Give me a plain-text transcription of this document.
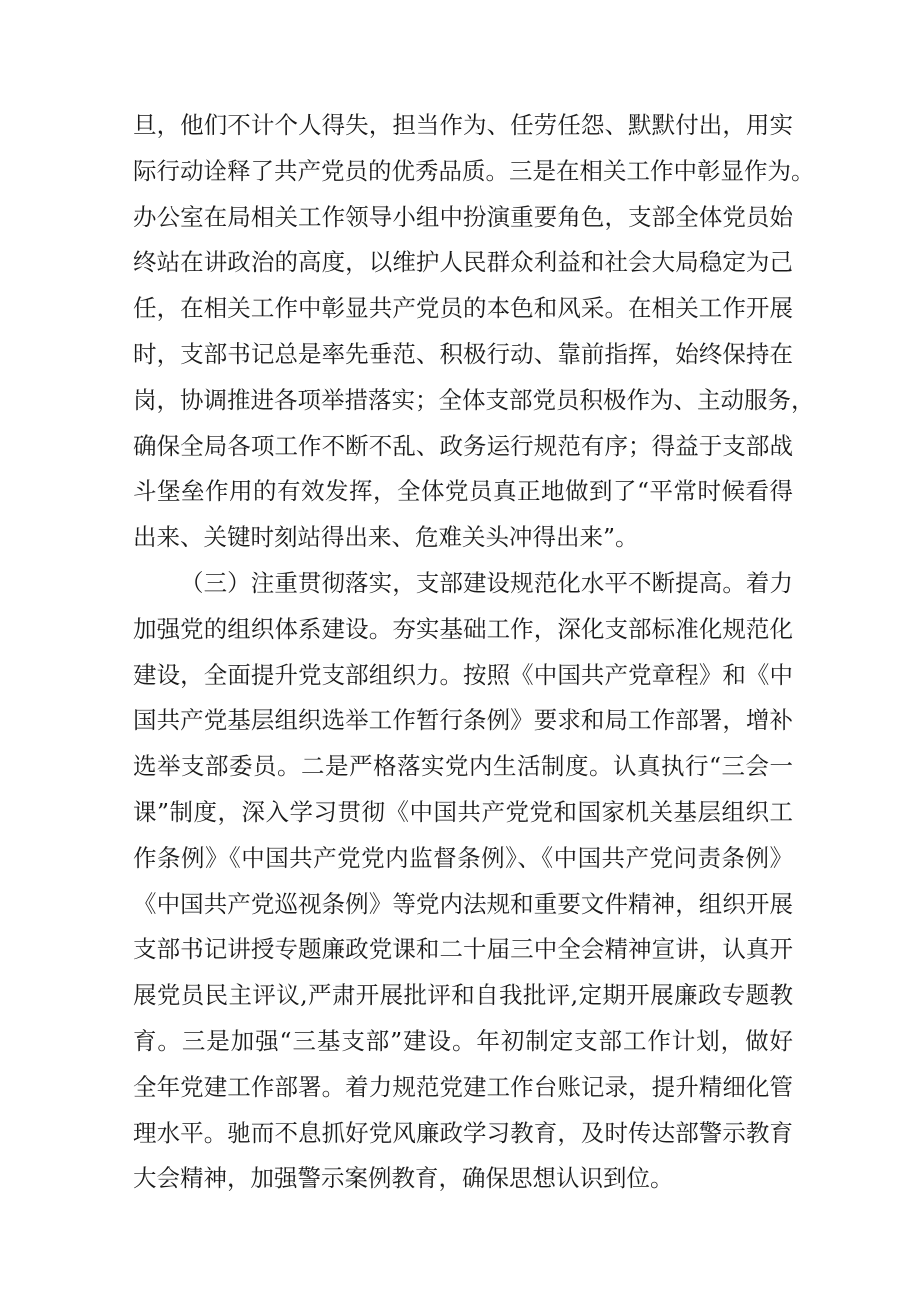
旦，他们不计个人得失，担当作为、任劳任怨、默默付出，用实
际行动诠释了共产党员的优秀品质。三是在相关工作中彰显作为。
办公室在局相关工作领导小组中扮演重要角色，支部全体党员始
终站在讲政治的高度，以维护人民群众利益和社会大局稳定为己
任，在相关工作中彰显共产党员的本色和风采。在相关工作开展
时，支部书记总是率先垂范、积极行动、靠前指挥，始终保持在
岗，协调推进各项举措落实；全体支部党员积极作为、主动服务，
确保全局各项工作不断不乱、政务运行规范有序；得益于支部战
斗堡垒作用的有效发挥，全体党员真正地做到了“平常时候看得
出来、关键时刻站得出来、危难关头冲得出来”。
（三）注重贯彻落实，支部建设规范化水平不断提高。着力
加强党的组织体系建设。夯实基础工作，深化支部标准化规范化
建设，全面提升党支部组织力。按照《中国共产党章程》和《中
国共产党基层组织选举工作暂行条例》要求和局工作部署，增补
选举支部委员。二是严格落实党内生活制度。认真执行“三会一
课”制度，深入学习贯彻《中国共产党党和国家机关基层组织工
作条例》《中国共产党党内监督条例》、《中国共产党问责条例》
《中国共产党巡视条例》等党内法规和重要文件精神，组织开展
支部书记讲授专题廉政党课和二十届三中全会精神宣讲，认真开
展党员民主评议,严肃开展批评和自我批评,定期开展廉政专题教
育。三是加强“三基支部”建设。年初制定支部工作计划，做好
全年党建工作部署。着力规范党建工作台账记录，提升精细化管
理水平。驰而不息抓好党风廉政学习教育，及时传达部警示教育
大会精神，加强警示案例教育，确保思想认识到位。
